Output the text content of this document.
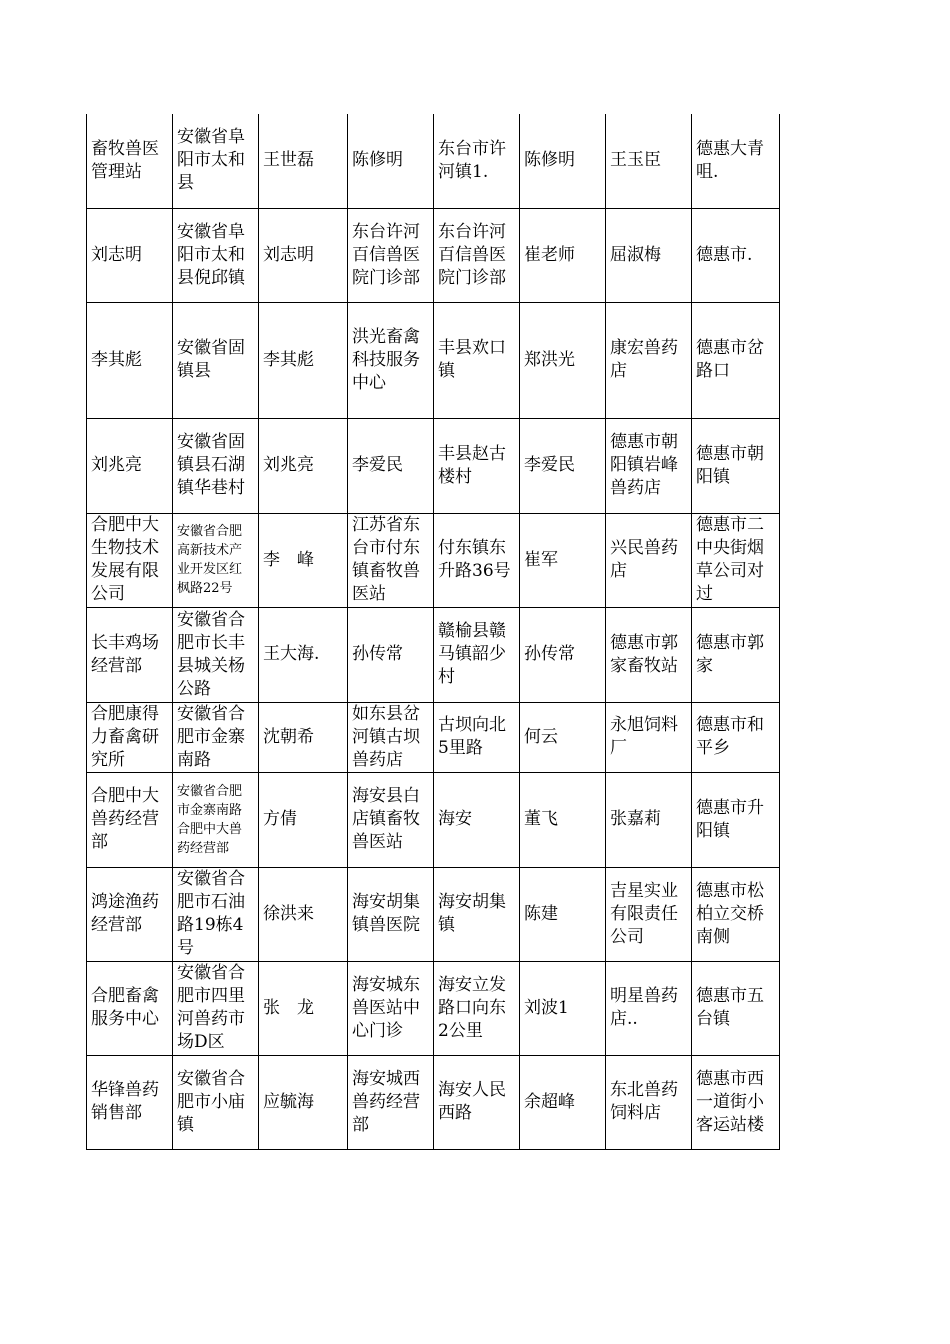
畜牧兽医管理站	安徽省阜阳市太和县	王世磊	陈修明	东台市许河镇1.	陈修明	王玉臣	德惠大青咀.
刘志明	安徽省阜阳市太和县倪邱镇	刘志明	东台许河百信兽医院门诊部	东台许河百信兽医院门诊部	崔老师	屈淑梅	德惠市.
李其彪	安徽省固镇县	李其彪	洪光畜禽科技服务中心	丰县欢口镇	郑洪光	康宏兽药店	德惠市岔路口
刘兆亮	安徽省固镇县石湖镇华巷村	刘兆亮	李爱民	丰县赵古楼村	李爱民	德惠市朝阳镇岩峰兽药店	德惠市朝阳镇
合肥中大生物技术发展有限公司	安徽省合肥高新技术产业开发区红枫路22号	李　峰	江苏省东台市付东镇畜牧兽医站	付东镇东升路36号	崔军	兴民兽药店	德惠市二中央街烟草公司对过
长丰鸡场经营部	安徽省合肥市长丰县城关杨公路	王大海.	孙传常	赣榆县赣马镇韶少村	孙传常	德惠市郭家畜牧站	德惠市郭家
合肥康得力畜禽研究所	安徽省合肥市金寨南路	沈朝希	如东县岔河镇古坝兽药店	古坝向北5里路	何云	永旭饲料厂	德惠市和平乡
合肥中大兽药经营部	安徽省合肥市金寨南路合肥中大兽药经营部	方倩	海安县白店镇畜牧兽医站	海安	董飞	张嘉莉	德惠市升阳镇
鸿途渔药经营部	安徽省合肥市石油路19栋4号	徐洪来	海安胡集镇兽医院	海安胡集镇	陈建	吉星实业有限责任公司	德惠市松柏立交桥南侧
合肥畜禽服务中心	安徽省合肥市四里河兽药市场D区	张　龙	海安城东兽医站中心门诊	海安立发路口向东2公里	刘波1	明星兽药店..	德惠市五台镇
华锋兽药销售部	安徽省合肥市小庙镇	应毓海	海安城西兽药经营部	海安人民西路	余超峰	东北兽药饲料店	德惠市西一道街小客运站楼
